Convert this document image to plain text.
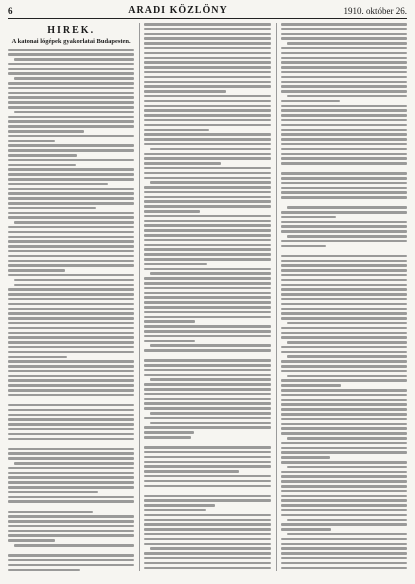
6	ARADI KÖZLÖNY	1910. október 26.
HIREK.
A katonai lógépek gyakorlatai Budapesten.
